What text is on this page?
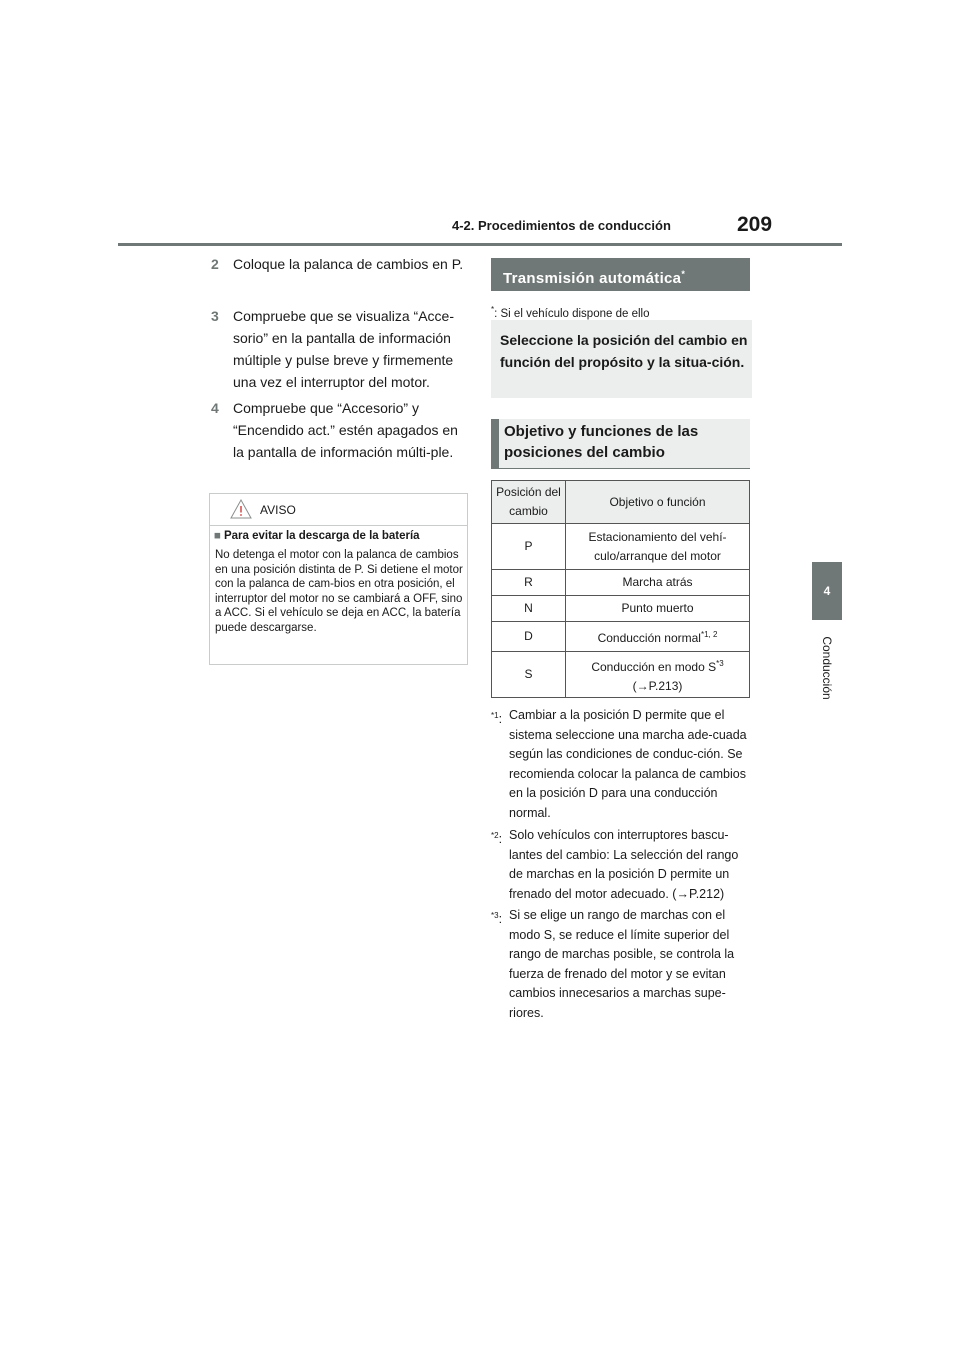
4-2. Procedimientos de conducción	209
4
Conducción
2 Coloque la palanca de cambios en P.
3 Compruebe que se visualiza “Acce-sorio” en la pantalla de información múltiple y pulse breve y firmemente una vez el interruptor del motor.
4 Compruebe que “Accesorio” y “Encendido act.” estén apagados en la pantalla de información múlti-ple.
AVISO
■ Para evitar la descarga de la batería
No detenga el motor con la palanca de cambios en una posición distinta de P. Si detiene el motor con la palanca de cam-bios en otra posición, el interruptor del motor no se cambiará a OFF, sino a ACC. Si el vehículo se deja en ACC, la batería puede descargarse.
Transmisión automática*
*: Si el vehículo dispone de ello
Seleccione la posición del cambio en función del propósito y la situa-ción.
Objetivo y funciones de las posiciones del cambio
Posición del cambio	Objetivo o función
P	Estacionamiento del vehí-culo/arranque del motor
R	Marcha atrás
N	Punto muerto
D	Conducción normal$^{*1, 2}$
S	Conducción en modo $S^{*3}$
(→P.213)
$^{*1}$: Cambiar a la posición D permite que el sistema seleccione una marcha ade-cuada según las condiciones de conduc-ción. Se recomienda colocar la palanca de cambios en la posición D para una conducción normal.
$^{*2}$: Solo vehículos con interruptores bascu-lantes del cambio: La selección del rango de marchas en la posición D permite un frenado del motor adecuado. (→P.212)
$^{*3}$: Si se elige un rango de marchas con el modo S, se reduce el límite superior del rango de marchas posible, se controla la fuerza de frenado del motor y se evitan cambios innecesarios a marchas supe-riores.
